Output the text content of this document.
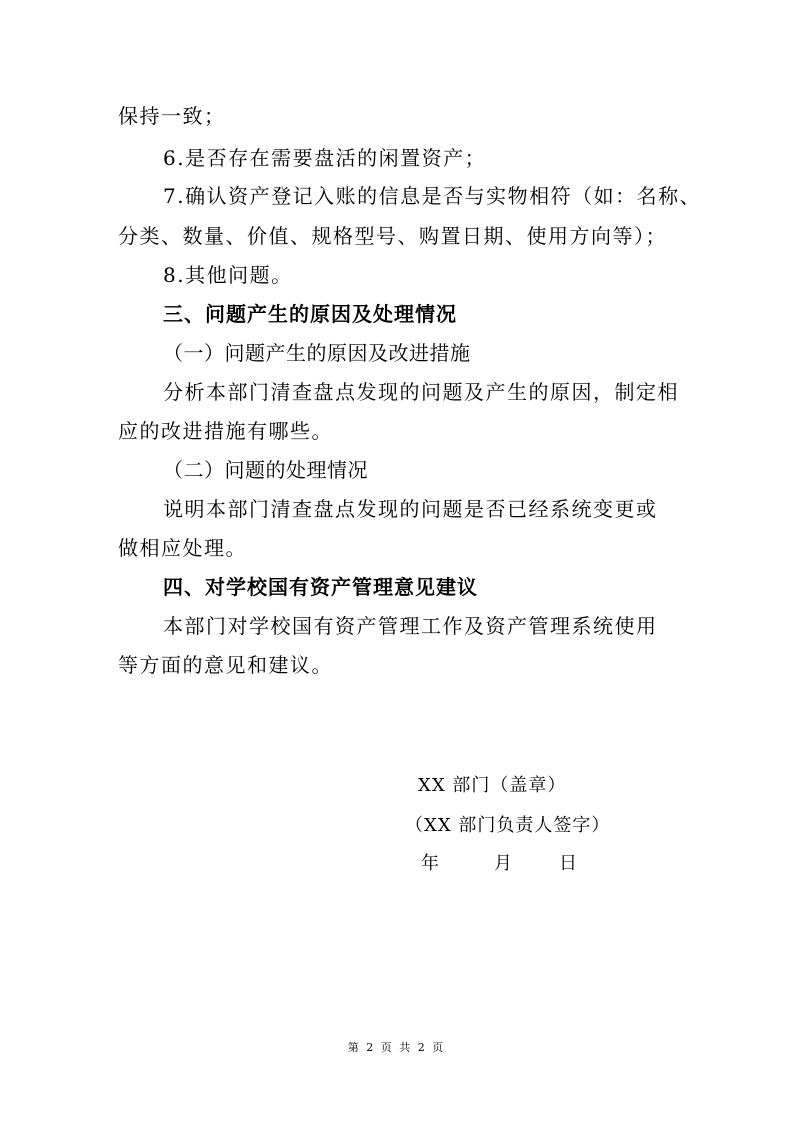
保持一致；
6.是否存在需要盘活的闲置资产；
7.确认资产登记入账的信息是否与实物相符（如：名称、
分类、数量、价值、规格型号、购置日期、使用方向等）；
8.其他问题。
三、问题产生的原因及处理情况
（一）问题产生的原因及改进措施
分析本部门清查盘点发现的问题及产生的原因，制定相
应的改进措施有哪些。
（二）问题的处理情况
说明本部门清查盘点发现的问题是否已经系统变更或
做相应处理。
四、对学校国有资产管理意见建议
本部门对学校国有资产管理工作及资产管理系统使用
等方面的意见和建议。
XX 部门（盖章）
（XX 部门负责人签字）
年	月	日
第 2 页 共 2 页
